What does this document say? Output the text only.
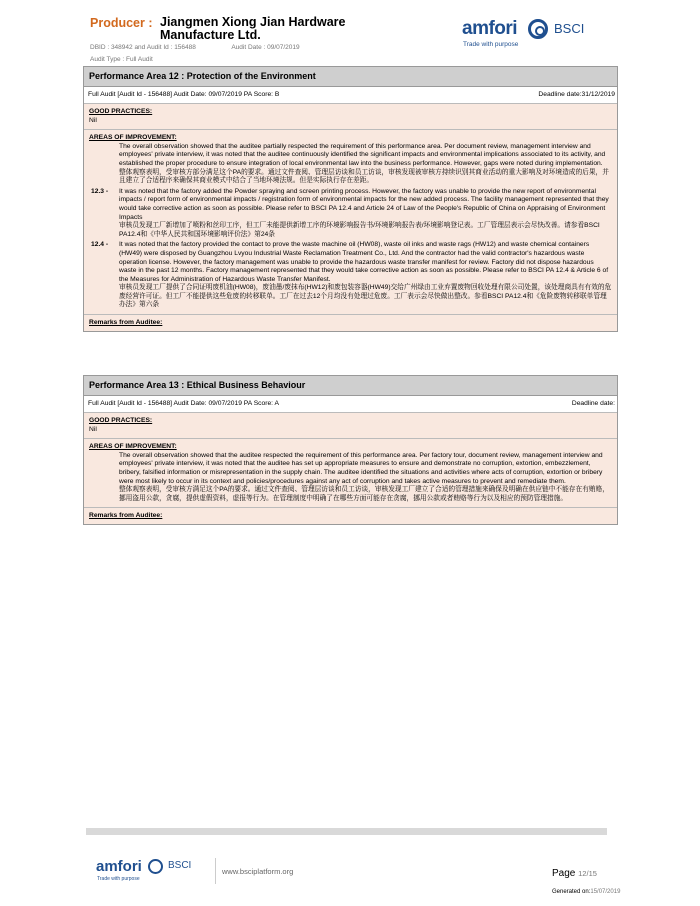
Producer : Jiangmen Xiong Jian Hardware Manufacture Ltd.
DBID : 348942 and Audit Id : 156488	Audit Date : 09/07/2019
Audit Type : Full Audit
amfori	BSCI
Trade with purpose
Performance Area 12 : Protection of the Environment
Full Audit [Audit Id - 156488] Audit Date: 09/07/2019 PA Score: B	Deadline date:31/12/2019
GOOD PRACTICES:
Nil
AREAS OF IMPROVEMENT:
The overall observation showed that the auditee partially respected the requirement of this performance area. Per document review, management interview and employees' private interview, it was noted that the auditee continuously identified the significant impacts and environmental implications associated to its activity, and established the proper procedure to ensure integration of local environmental law into the business performance. However, gaps were noted during implementation.
整体观察表明，受审核方部分满足这个PA的要求。通过文件查阅、管理层访谈和员工访谈，审核发现被审核方持续识别其商业活动的重大影响及对环境造成的后果，并且建立了合适程序来确保其商业模式中结合了当地环境法规。但是实际执行存在差距。
12.3 - It was noted that the factory added the Powder spraying and screen printing process. However, the factory was unable to provide the new report of environmental impacts / report form of environmental impacts / registration form of environmental impacts for the new added process. The facility management represented that they would take corrective action as soon as possible. Please refer to BSCI PA 12.4 and Article 24 of Law of the People's Republic of China on Appraising of Environment Impacts
审核员发现工厂新增加了喷粉和丝印工序，但工厂未能提供新增工序的环境影响报告书/环境影响报告表/环境影响登记表。工厂管理层表示会尽快改善。请参看BSCI PA12.4和《中华人民共和国环境影响评价法》第24条
12.4 - It was noted that the factory provided the contact to prove the waste machine oil (HW08), waste oil inks and waste rags (HW12) and waste chemical containers (HW49) were disposed by Guangzhou Lvyou Industrial Waste Reclamation Treatment Co., Ltd. And the contractor had the valid contractor's hazardous waste operation license. However, the factory management was unable to provide the hazardous waste transfer manifest for review. Factory did not dispose hazardous waste in the past 12 months. Factory management represented that they would take corrective action as soon as possible. Please refer to BSCI PA 12.4 & Article 6 of the Measures for Administration of Hazardous Waste Transfer Manifest.
审核员发现工厂提供了合同证明废机油(HW08)，废油墨/废抹布(HW12)和废包装容器(HW49)交给广州绿由工业弃置废物回收处理有限公司处置，该处理商具有有效的危废经营许可证。但工厂不能提供这些危废的转移联单。工厂在过去12个月均没有处理过危废。工厂表示会尽快做出整改。参看BSCI PA12.4和《危险废物转移联单管理办法》第六条
Remarks from Auditee:
Performance Area 13 : Ethical Business Behaviour
Full Audit [Audit Id - 156488] Audit Date: 09/07/2019 PA Score: A	Deadline date:
GOOD PRACTICES:
Nil
AREAS OF IMPROVEMENT:
The overall observation showed that the auditee respected the requirement of this performance area. Per factory tour, document review, management interview and employees' private interview, it was noted that the auditee has set up appropriate measures to ensure and demonstrate no corruption, extortion, embezzlement, bribery, falsified information or misrepresentation in the supply chain. The auditee identified the situations and activities where acts of corruption, extortion or bribery were most likely to occur in its context and policies/procedures against any act of corruption and takes active measures to prevent and remediate them.
整体观察表明，受审核方满足这个PA的要求。通过文件查阅、管理层访谈和员工访谈，审核发现工厂建立了合适的管理措施来确保及明确在供应链中不能存在有贿赂，挪用盗用公款，贪腐，提供虚假资料，虚报等行为。在管理制度中明确了在哪些方面可能存在贪腐，挪用公款或者贿赂等行为以及相应的预防管理措施。
Remarks from Auditee:
amfori	BSCI
Trade with purpose
www.bsciplatform.org	Page 12/15
Generated on:15/07/2019
